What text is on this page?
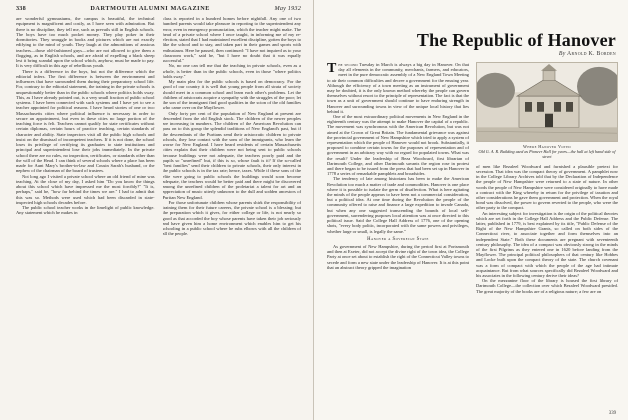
338	DARTMOUTH ALUMNI MAGAZINE	May 1932

are wonderful gymnasiums, the campus is beautiful, the technical equipment is magnificent and costly, as I have seen with admiration. But there is no discipline, they tell me, such as prevails still in English schools. The boys have too much pocket money. They play poker in their dormitories. They smuggle in books and pictures which are not exactly edifying to the mind of youth. They laugh at the admonitions of anxious teachers—those old-fashioned guys—who are not allowed to give them a flogging, as in English schools, and are afraid of expelling a black sheep lest it bring scandal upon the school which, anyhow, must be made to pay. It is very difficult in this age of rebellious youth.

There is a difference in the boys, but not the difference which the editorial infers. The first difference is between the environment and influences that have surrounded them during their preparatory school life. For, contrary to the editorial statement, the training in the private schools is unquestionably better than in the public schools where politics holds sway. This, as I have already pointed out, is a very small fraction of public school systems. I have been connected with such systems and I have yet to see a teacher appointed for political reasons. I have heard stories of one or two Massachusetts cities where political influence is necessary in order to secure an appointment, but even in these cities no large portion of the teaching force is felt. Teachers cannot qualify for state certificates without certain diplomas, certain hours of practice teaching, certain standards of character and ability. State inspectors visit all the public high schools and insist on the dismissal of incompetent teachers. If it is not done, the school loses its privilege of certifying its graduates to state institutions and principal and superintendent lose their jobs immediately. In the private school there are no rules, no inspection, certificates, or standards other than the will of the Head. I can think of several schools where a place has been made for Aunt Mary's brother-in-law and Cousin Sarah's husband, or the nephew of the chairman of the board of trustees.

Not long ago I visited a private school where an old friend of mine was teaching. At the close of my day, I asked him "Do you know the things about this school which have impressed me the most forcibly?" "It is, perhaps," said he, "how far behind the times we are." I had to admit that this was so. Methods were used which had been discarded in state-inspected high schools decades before.

The public school teacher works in the limelight of public knowledge. Any statement which he makes in

class is reported in a hundred homes before nightfall. Any one of two hundred parents would take pleasure in reporting to the superintendent any error, even in emergency pronunciation, which the teacher might make. The head of a private school where I once taught, in informing me of my re-election, stated that I had maintained excellent discipline, gotten the boys to like the school and to stay, and taken part in their games and sports with enthusiasm. Here he paused, then continued: "I have not inquired as to your classroom work," said he, "but I have no doubt that it was equally successful."

No, no one can tell me that the teaching in private schools, even as a whole, is better than in the public schools, even in those "where politics holds sway."

My main plea for the public schools is based on democracy. For the good of our country it is well that young people from all strata of society should meet in a common school and learn each other's problems. Let the children of aristocrats acquire a sympathy with the struggles of the poor; let the son of the immigrant find good qualities in the scion of the old families who came over on the Mayflower.

Only forty per cent of the population of New England at present are descended from the old English stock. The children of the newer peoples are increasing in numbers. The children of the American Revolution can pass on to this group the splendid traditions of New England's past, but if the descendants of the Puritans send their aristocratic children to private schools, they lose contact with the sons of the immigrants, who learn the worse for New England. I have heard residents of certain Massachusetts cities explain that their children were not being sent to public schools because buildings were not adequate, the teachers poorly paid and the pupils so "unrefined" but, if this is so, whose fault is it? If the so-called "best families" send their children to private schools, their only interest in the public schools is in the tax rate; hence, taxes. While if these sons of the elite were going to public schools the buildings would soon become adequate, the teachers would be better paid and there might be discovered among the unrefined children of the proletariat a talent for art and an appreciation of music utterly unknown to the dull and sodden ancestors of Puritan New England.

For those unfortunate children whose parents shirk the responsibility of training them for their future careers, the private school is a blessing; but the preparation which it gives, for either college or life, is not nearly so good as that accorded the boy whose parents have taken their job seriously and have given him a home environment which enables him to get his schooling in a public school where he rubs elbows with all the children of all the people.

The Republic of Hanover
By Arnold K. Borden

The second Tuesday in March is always a big day in Hanover. On that day all elements in the community, merchants, farmers, and educators, meet in the pure democratic assembly of a New England Town Meeting to air their common difficulties and decree a government for the ensuing year. Although the efficiency of a town meeting as an instrument of government may be doubted, it is the only known method whereby the people can govern themselves without resort to the principle of representation. The fact is that the town as a unit of government should continue to have enduring strength in Hanover and surrounding towns in view of the unique local history that lies behind it.

One of the most extraordinary political movements in New England in the eighteenth century was the attempt to make Hanover the capital of a republic. The movement was synchronous with the American Revolution, but was not aimed at the Crown of Great Britain. The fundamental grievance was against the provincial government of New Hampshire which tried to apply a system of representation which the people of Hanover would not brook. Substantially, it proposed to combine certain towns for the purposes of representation and of government in an arbitrary way with no regard for populated towns. What was the result? Under the leadership of Beza Woodward, first librarian of Dartmouth College, and other Dartmouth savants the region rose in protest and there began to be issued from the press that had been set up in Hanover in 1778 a series of remarkable pamphlets and broadsides.

The tendency of late among historians has been to make the American Revolution too much a matter of trade and commodities. Hanover is one place where it is possible to isolate the germ of disaffection. What is here agitating the minds of the people appears to have been not a commercial consideration, but a political idea. At one time during the Revolution the people of the community offered to raise and finance a large expedition to invade Canada, but when any one suggested transcending the bounds of local self-government, surrendering purposes local attention was at once directed to this political issue. Said the College Hall Address of 1776, one of the opening shots, "every body politic, incorporated with the same powers and privileges, whether large or small, is legally the same."

Hanover a Sovereign State

As government of New Hampshire, during the period first at Portsmouth and then at Exeter, did not accept the divine right of the town idea, the College Party at once set about to establish the right of the Connecticut Valley towns to secede and form a new state under the leadership of Hanover. It is at this point that an abstract theory gripped the imagination

Where Hanover Voted
Old G. A. R. Building used as Pioneer Hall for years—the hall at left hand side of street

of men like Bezaleel Woodward and furnished a plausible pretext for secession. That idea was the compact theory of government. A pamphlet now in the College Library Archives told that by the Declaration of Independence the people of New Hampshire were returned to a state of nature. In other words the people of New Hampshire were considered originally to have made a contract with the King whereby in return for the privilege of taxation and other considerations he gave them government and protection. When the royal bond was dissolved, the power to govern reverted to the people, who were the other party to the compact.

An interesting subject for investigation is the origin of the political theories which are set forth in the College Hall Address and the Public Defense. The latter, published in 1779, is best explained by its title, "Public Defense of the Right of the New Hampshire Grants, so called on both sides of the Connecticut river, to associate together and form themselves into an independent State." Both these documents are pregnant with seventeenth century philosophy. The idea of a compact was obviously strong in the minds of the first Pilgrims as they entered one in 1620 before landing from the Mayflower. The principal political philosophers of that century like Hobbes and Locke built upon the compact theory of the state. The church covenant was a form of compact with which the people of the age had intimate acquaintance. But from what sources specifically did Bezaleel Woodward and his associates in the following century derive their ideas?

On the mezzanine floor of the library is housed the first library of Dartmouth College—the collection over which Bezaleel Woodward presided. The great majority of the books are of a religious nature; a few are on

339
